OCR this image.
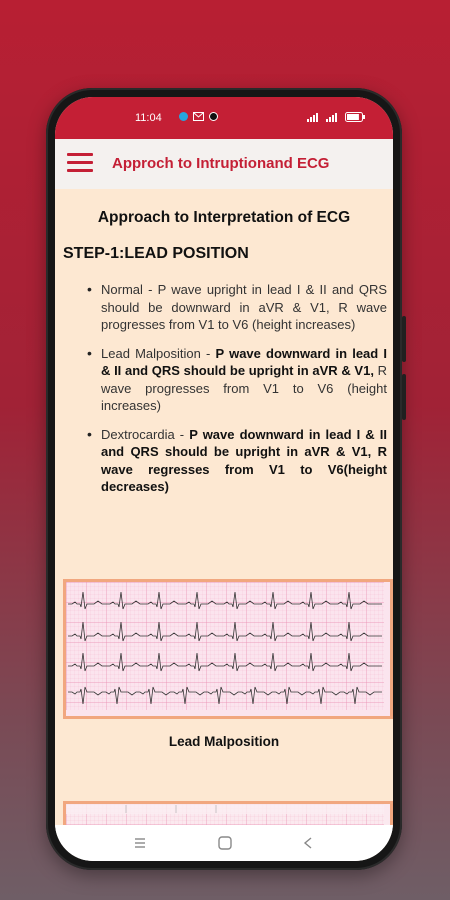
11:04
Approch to Intruptionand ECG
Approach to Interpretation of ECG
STEP-1:LEAD POSITION
• Normal - P wave upright in lead I & II and QRS should be downward in aVR & V1, R wave progresses from V1 to V6 (height increases)
• Lead Malposition - P wave downward in lead I & II and QRS should be upright in aVR & V1, R wave progresses from V1 to V6 (height increases)
• Dextrocardia - P wave downward in lead I & II and QRS should be upright in aVR & V1, R wave regresses from V1 to V6(height decreases)
Lead Malposition
